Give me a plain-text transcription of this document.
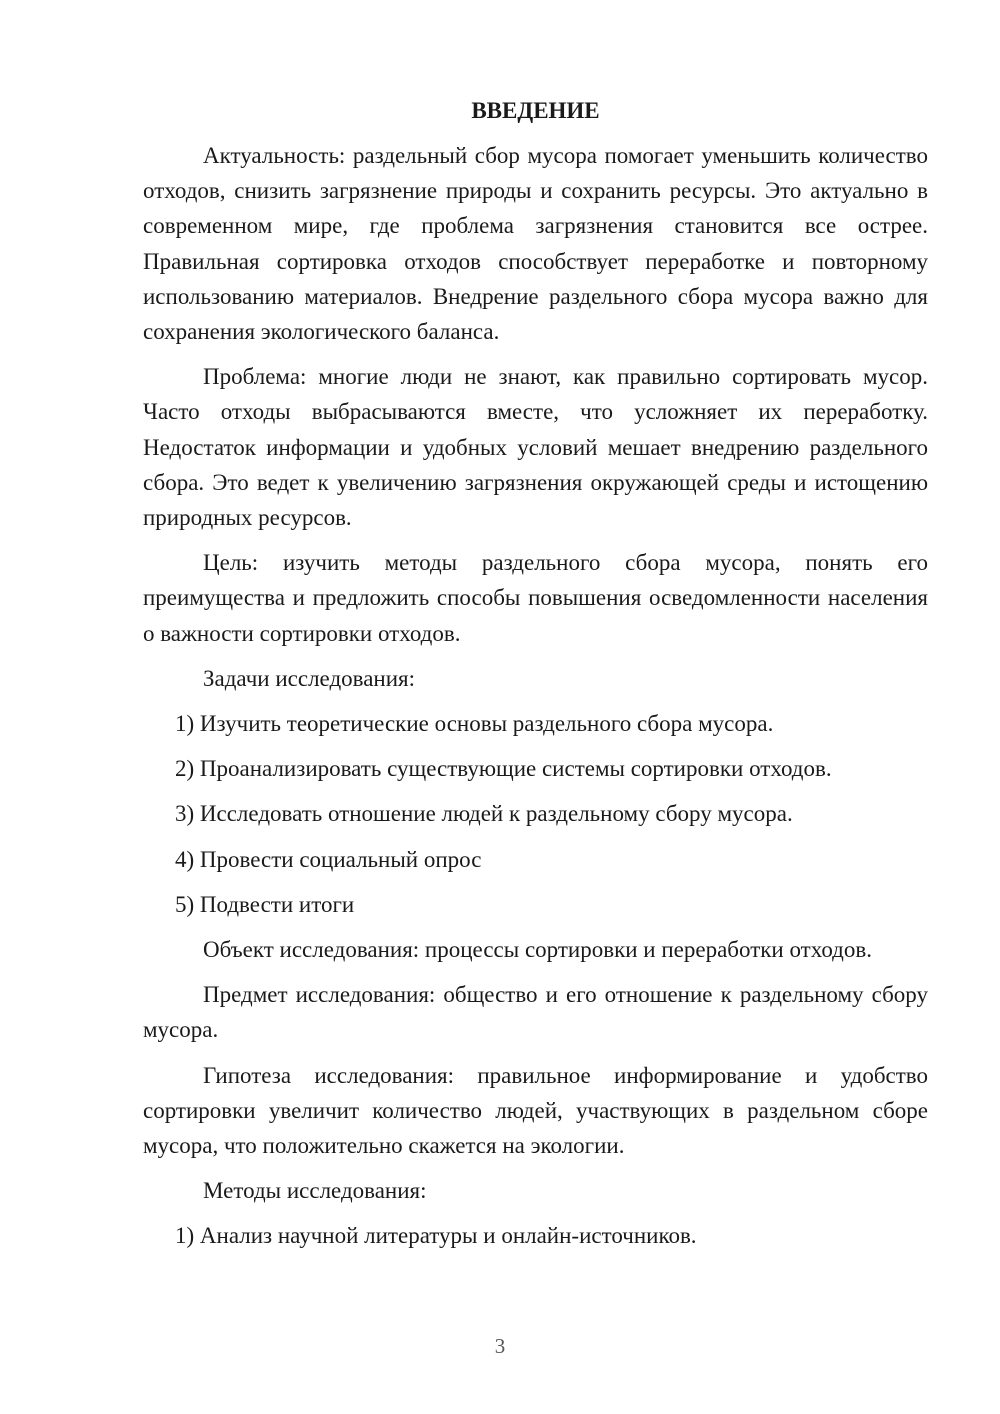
ВВЕДЕНИЕ

Актуальность: раздельный сбор мусора помогает уменьшить количество отходов, снизить загрязнение природы и сохранить ресурсы. Это актуально в современном мире, где проблема загрязнения становится все острее. Правильная сортировка отходов способствует переработке и повторному использованию материалов. Внедрение раздельного сбора мусора важно для сохранения экологического баланса.

Проблема: многие люди не знают, как правильно сортировать мусор. Часто отходы выбрасываются вместе, что усложняет их переработку. Недостаток информации и удобных условий мешает внедрению раздельного сбора. Это ведет к увеличению загрязнения окружающей среды и истощению природных ресурсов.

Цель: изучить методы раздельного сбора мусора, понять его преимущества и предложить способы повышения осведомленности населения о важности сортировки отходов.

Задачи исследования:

1) Изучить теоретические основы раздельного сбора мусора.

2) Проанализировать существующие системы сортировки отходов.

3) Исследовать отношение людей к раздельному сбору мусора.

4) Провести социальный опрос

5) Подвести итоги

Объект исследования: процессы сортировки и переработки отходов.

Предмет исследования: общество и его отношение к раздельному сбору мусора.

Гипотеза исследования: правильное информирование и удобство сортировки увеличит количество людей, участвующих в раздельном сборе мусора, что положительно скажется на экологии.

Методы исследования:

1) Анализ научной литературы и онлайн-источников.

3
